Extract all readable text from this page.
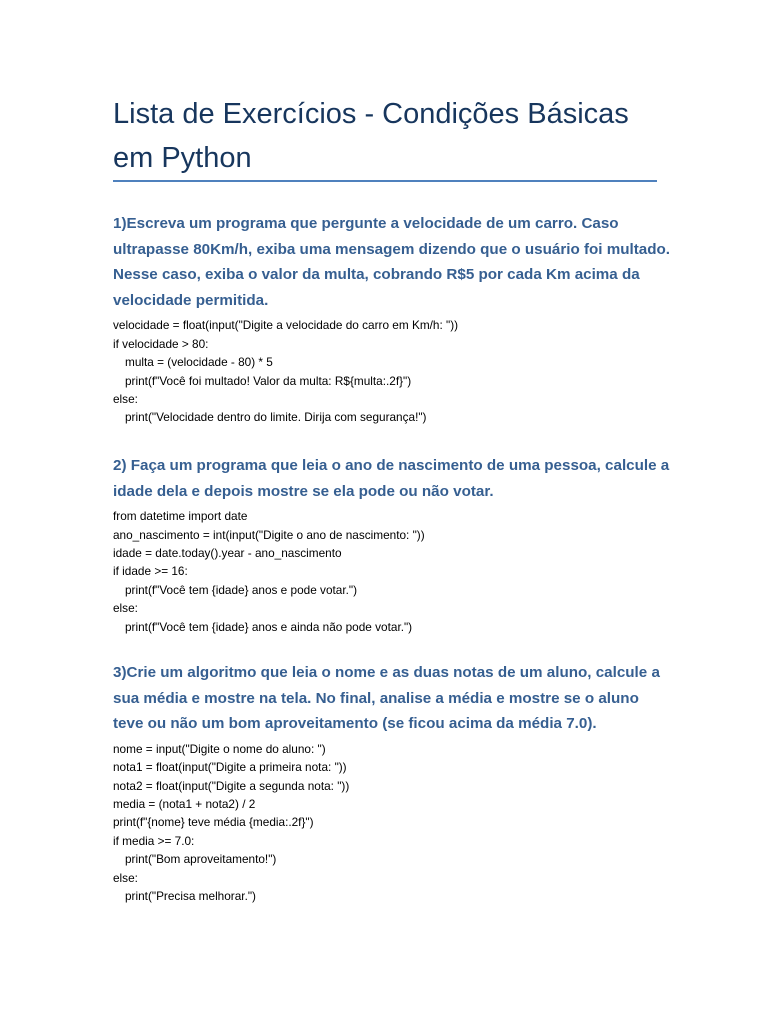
Lista de Exercícios - Condições Básicas em Python

1)Escreva um programa que pergunte a velocidade de um carro. Caso ultrapasse 80Km/h, exiba uma mensagem dizendo que o usuário foi multado. Nesse caso, exiba o valor da multa, cobrando R$5 por cada Km acima da velocidade permitida.

velocidade = float(input("Digite a velocidade do carro em Km/h: "))
if velocidade > 80:
multa = (velocidade - 80) * 5
print(f"Você foi multado! Valor da multa: R${multa:.2f}")
else:
print("Velocidade dentro do limite. Dirija com segurança!")

2) Faça um programa que leia o ano de nascimento de uma pessoa, calcule a idade dela e depois mostre se ela pode ou não votar.

from datetime import date
ano_nascimento = int(input("Digite o ano de nascimento: "))
idade = date.today().year - ano_nascimento
if idade >= 16:
print(f"Você tem {idade} anos e pode votar.")
else:
print(f"Você tem {idade} anos e ainda não pode votar.")

3)Crie um algoritmo que leia o nome e as duas notas de um aluno, calcule a sua média e mostre na tela. No final, analise a média e mostre se o aluno teve ou não um bom aproveitamento (se ficou acima da média 7.0).

nome = input("Digite o nome do aluno: ")
nota1 = float(input("Digite a primeira nota: "))
nota2 = float(input("Digite a segunda nota: "))
media = (nota1 + nota2) / 2
print(f"{nome} teve média {media:.2f}")
if media >= 7.0:
print("Bom aproveitamento!")
else:
print("Precisa melhorar.")
